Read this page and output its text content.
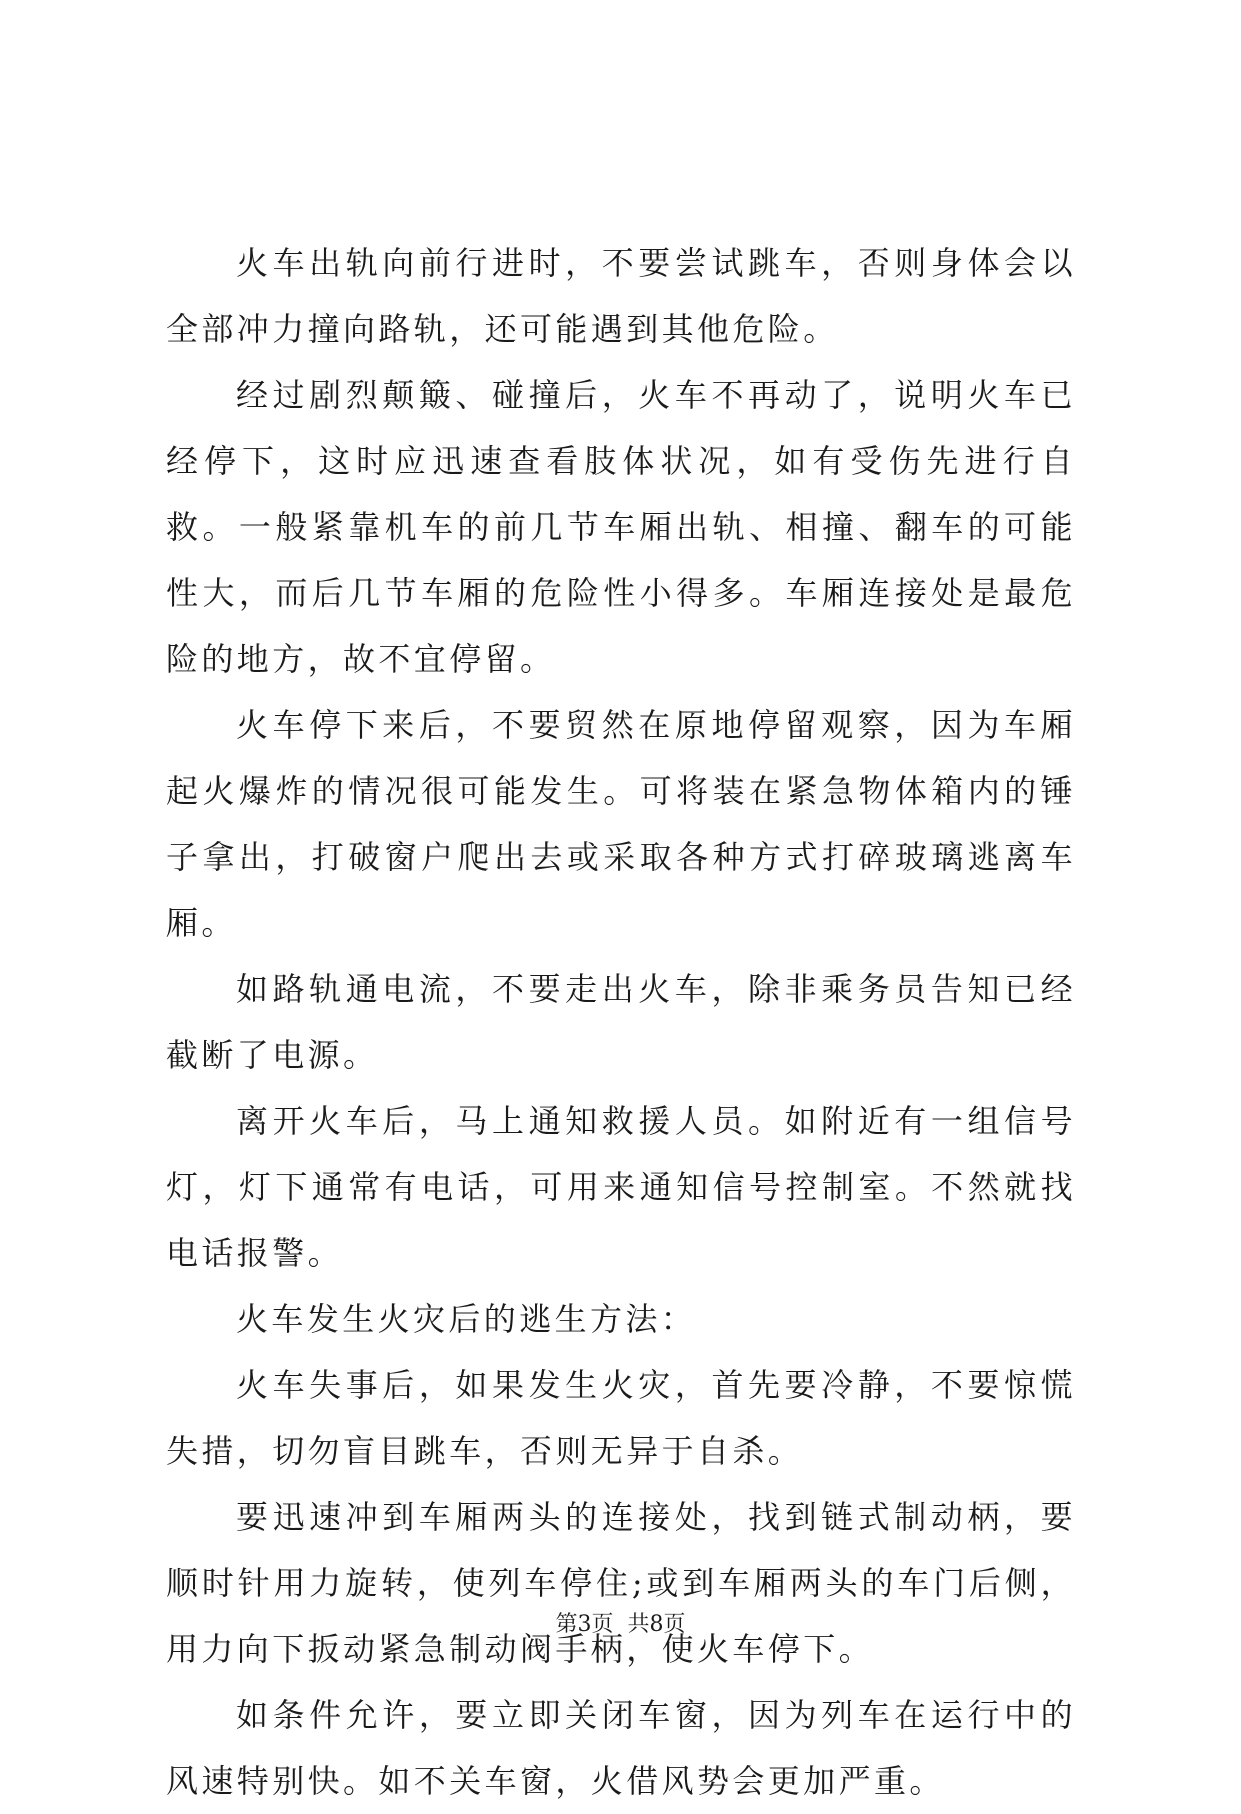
火车出轨向前行进时，不要尝试跳车，否则身体会以全部冲力撞向路轨，还可能遇到其他危险。

经过剧烈颠簸、碰撞后，火车不再动了，说明火车已经停下，这时应迅速查看肢体状况，如有受伤先进行自救。一般紧靠机车的前几节车厢出轨、相撞、翻车的可能性大，而后几节车厢的危险性小得多。车厢连接处是最危险的地方，故不宜停留。

火车停下来后，不要贸然在原地停留观察，因为车厢起火爆炸的情况很可能发生。可将装在紧急物体箱内的锤子拿出，打破窗户爬出去或采取各种方式打碎玻璃逃离车厢。

如路轨通电流，不要走出火车，除非乘务员告知已经截断了电源。

离开火车后，马上通知救援人员。如附近有一组信号灯，灯下通常有电话，可用来通知信号控制室。不然就找电话报警。

火车发生火灾后的逃生方法：

火车失事后，如果发生火灾，首先要冷静，不要惊慌失措，切勿盲目跳车，否则无异于自杀。

要迅速冲到车厢两头的连接处，找到链式制动柄，要顺时针用力旋转，使列车停住;或到车厢两头的车门后侧，用力向下扳动紧急制动阀手柄，使火车停下。

如条件允许，要立即关闭车窗，因为列车在运行中的风速特别快。如不关车窗，火借风势会更加严重。

第3页 共8页
